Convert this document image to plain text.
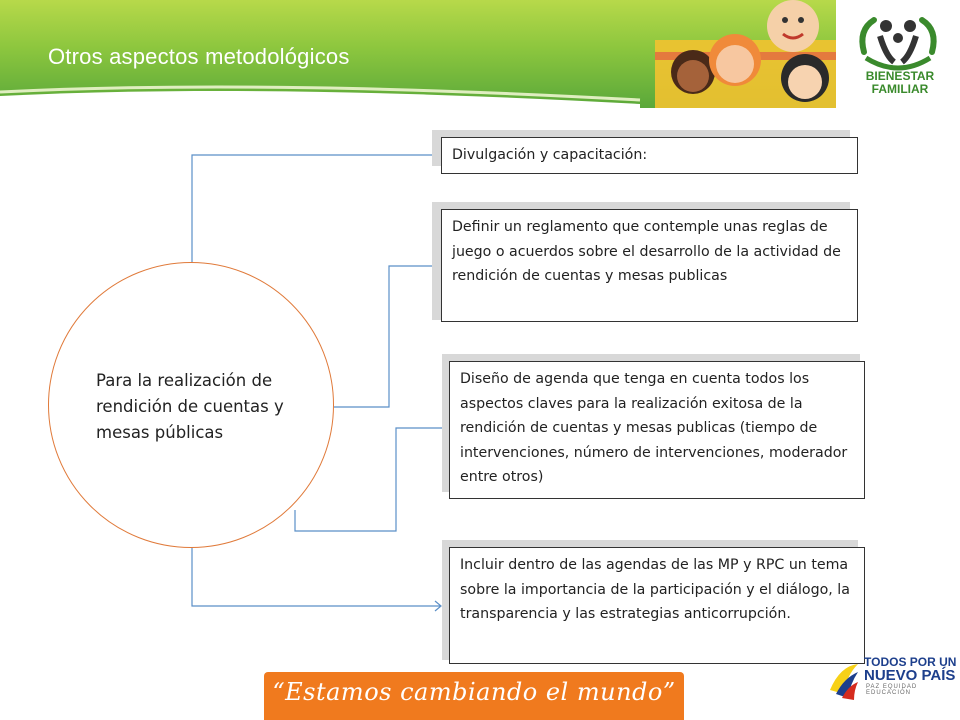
Otros aspectos metodológicos
BIENESTAR
FAMILIAR
Para la realización de rendición de cuentas y mesas públicas
Divulgación y capacitación:
Definir un reglamento que contemple unas reglas de juego o acuerdos sobre el desarrollo de la actividad de rendición de cuentas y mesas publicas
Diseño de agenda que tenga en cuenta todos los aspectos claves para la realización exitosa de la rendición de cuentas y mesas publicas (tiempo de intervenciones, número de intervenciones, moderador entre otros)
Incluir dentro de las agendas de las MP y RPC un tema sobre la importancia de la participación y el diálogo, la transparencia y las estrategias anticorrupción.
“Estamos cambiando el mundo”
TODOS POR UN
NUEVO PAÍS
PAZ EQUIDAD EDUCACIÓN
